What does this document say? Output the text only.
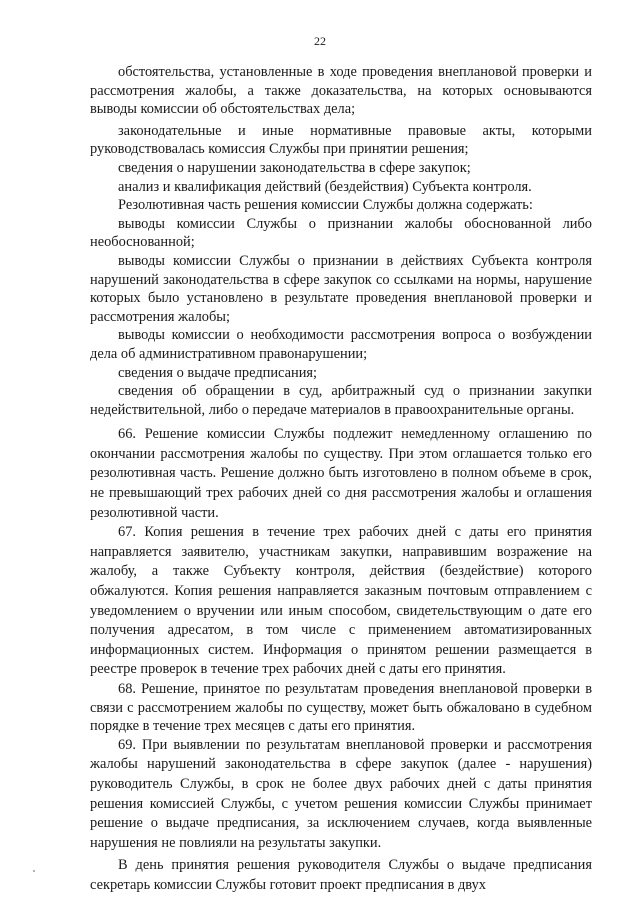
22

обстоятельства, установленные в ходе проведения внеплановой проверки и рассмотрения жалобы, а также доказательства, на которых основываются выводы комиссии об обстоятельствах дела;

законодательные и иные нормативные правовые акты, которыми руководствовалась комиссия Службы при принятии решения;

сведения о нарушении законодательства в сфере закупок;

анализ и квалификация действий (бездействия) Субъекта контроля.

Резолютивная часть решения комиссии Службы должна содержать:

выводы комиссии Службы о признании жалобы обоснованной либо необоснованной;

выводы комиссии Службы о признании в действиях Субъекта контроля нарушений законодательства в сфере закупок со ссылками на нормы, нарушение которых было установлено в результате проведения внеплановой проверки и рассмотрения жалобы;

выводы комиссии о необходимости рассмотрения вопроса о возбуждении дела об административном правонарушении;

сведения о выдаче предписания;

сведения об обращении в суд, арбитражный суд о признании закупки недействительной, либо о передаче материалов в правоохранительные органы.

66. Решение комиссии Службы подлежит немедленному оглашению по окончании рассмотрения жалобы по существу. При этом оглашается только его резолютивная часть. Решение должно быть изготовлено в полном объеме в срок, не превышающий трех рабочих дней со дня рассмотрения жалобы и оглашения резолютивной части.

67. Копия решения в течение трех рабочих дней с даты его принятия направляется заявителю, участникам закупки, направившим возражение на жалобу, а также Субъекту контроля, действия (бездействие) которого обжалуются. Копия решения направляется заказным почтовым отправлением с уведомлением о вручении или иным способом, свидетельствующим о дате его получения адресатом, в том числе с применением автоматизированных информационных систем. Информация о принятом решении размещается в реестре проверок в течение трех рабочих дней с даты его принятия.

68. Решение, принятое по результатам проведения внеплановой проверки в связи с рассмотрением жалобы по существу, может быть обжаловано в судебном порядке в течение трех месяцев с даты его принятия.

69. При выявлении по результатам внеплановой проверки и рассмотрения жалобы нарушений законодательства в сфере закупок (далее - нарушения) руководитель Службы, в срок не более двух рабочих дней с даты принятия решения комиссией Службы, с учетом решения комиссии Службы принимает решение о выдаче предписания, за исключением случаев, когда выявленные нарушения не повлияли на результаты закупки.

В день принятия решения руководителя Службы о выдаче предписания секретарь комиссии Службы готовит проект предписания в двух
